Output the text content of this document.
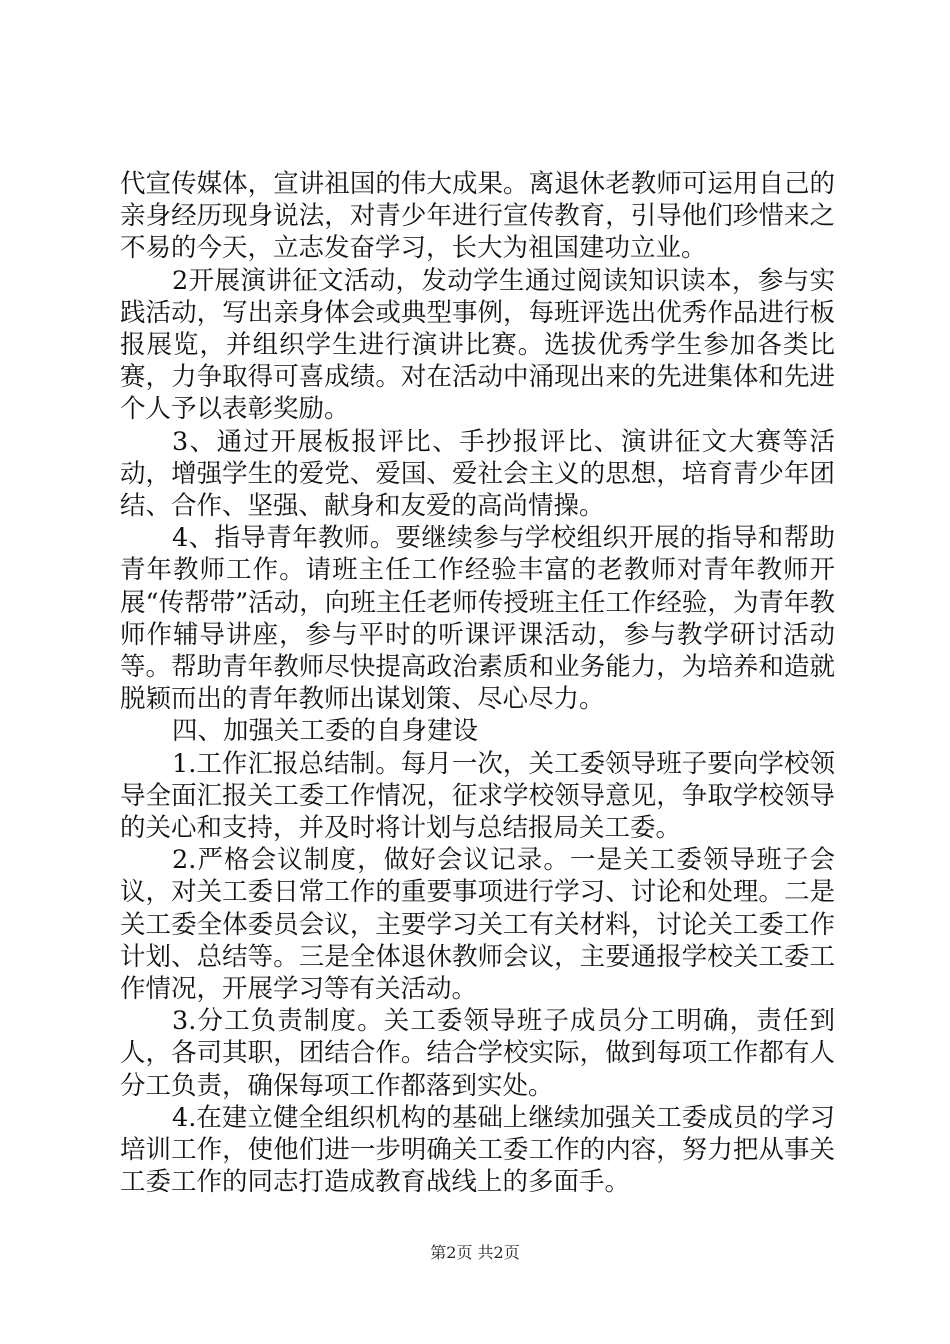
代宣传媒体，宣讲祖国的伟大成果。离退休老教师可运用自己的亲身经历现身说法，对青少年进行宣传教育，引导他们珍惜来之不易的今天，立志发奋学习，长大为祖国建功立业。

2开展演讲征文活动，发动学生通过阅读知识读本，参与实践活动，写出亲身体会或典型事例，每班评选出优秀作品进行板报展览，并组织学生进行演讲比赛。选拔优秀学生参加各类比赛，力争取得可喜成绩。对在活动中涌现出来的先进集体和先进个人予以表彰奖励。

3、通过开展板报评比、手抄报评比、演讲征文大赛等活动，增强学生的爱党、爱国、爱社会主义的思想，培育青少年团结、合作、坚强、献身和友爱的高尚情操。

4、指导青年教师。要继续参与学校组织开展的指导和帮助青年教师工作。请班主任工作经验丰富的老教师对青年教师开展“传帮带”活动，向班主任老师传授班主任工作经验，为青年教师作辅导讲座，参与平时的听课评课活动，参与教学研讨活动等。帮助青年教师尽快提高政治素质和业务能力，为培养和造就脱颖而出的青年教师出谋划策、尽心尽力。

四、加强关工委的自身建设

1.工作汇报总结制。每月一次，关工委领导班子要向学校领导全面汇报关工委工作情况，征求学校领导意见，争取学校领导的关心和支持，并及时将计划与总结报局关工委。

2.严格会议制度，做好会议记录。一是关工委领导班子会议，对关工委日常工作的重要事项进行学习、讨论和处理。二是关工委全体委员会议，主要学习关工有关材料，讨论关工委工作计划、总结等。三是全体退休教师会议，主要通报学校关工委工作情况，开展学习等有关活动。

3.分工负责制度。关工委领导班子成员分工明确，责任到人，各司其职，团结合作。结合学校实际，做到每项工作都有人分工负责，确保每项工作都落到实处。

4.在建立健全组织机构的基础上继续加强关工委成员的学习培训工作，使他们进一步明确关工委工作的内容，努力把从事关工委工作的同志打造成教育战线上的多面手。

第2页 共2页
